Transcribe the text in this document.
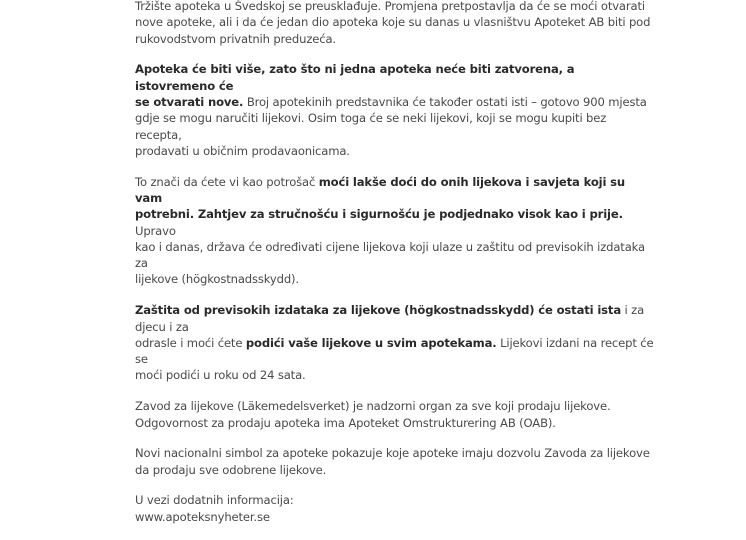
Tržište apoteka u Švedskoj se preusklađuje. Promjena pretpostavlja da će se moći otvarati
nove apoteke, ali i da će jedan dio apoteka koje su danas u vlasništvu Apoteket AB biti pod
rukovodstvom privatnih preduzeća.

Apoteka će biti više, zato što ni jedna apoteka neće biti zatvorena, a istovremeno će
se otvarati nove. Broj apotekinih predstavnika će također ostati isti – gotovo 900 mjesta
gdje se mogu naručiti lijekovi. Osim toga će se neki lijekovi, koji se mogu kupiti bez recepta,
prodavati u običnim prodavaonicama.

To znači da ćete vi kao potrošač moći lakše doći do onih lijekova i savjeta koji su vam
potrebni. Zahtjev za stručnošću i sigurnošću je podjednako visok kao i prije. Upravo
kao i danas, država će određivati cijene lijekova koji ulaze u zaštitu od previsokih izdataka za
lijekove (högkostnadsskydd).

Zaštita od previsokih izdataka za lijekove (högkostnadsskydd) će ostati ista i za djecu i za
odrasle i moći ćete podići vaše lijekove u svim apotekama. Lijekovi izdani na recept će se
moći podići u roku od 24 sata.

Zavod za lijekove (Läkemedelsverket) je nadzorni organ za sve koji prodaju lijekove.
Odgovornost za prodaju apoteka ima Apoteket Omstrukturering AB (OAB).

Novi nacionalni simbol za apoteke pokazuje koje apoteke imaju dozvolu Zavoda za lijekove
da prodaju sve odobrene lijekove.

U vezi dodatnih informacija:
www.apoteksnyheter.se
